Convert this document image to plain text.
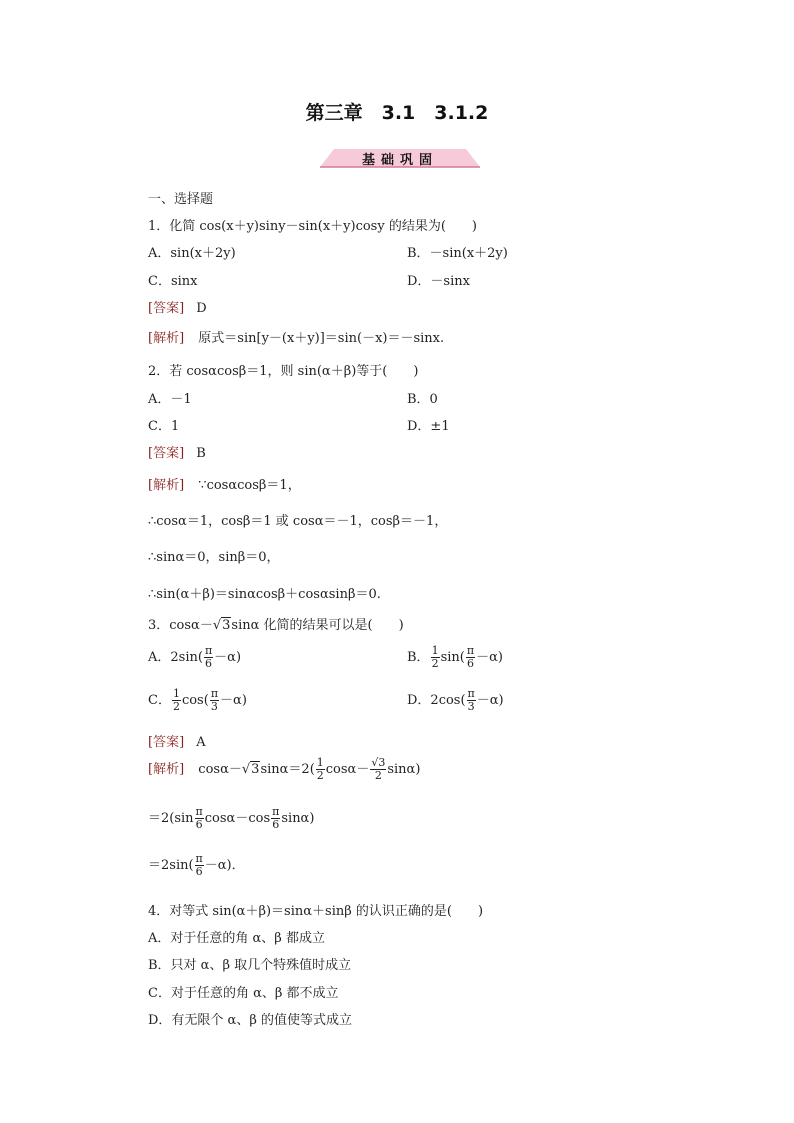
第三章　3.1　3.1.2
基础巩固
一、选择题
1．化简 cos(x＋y)siny－sin(x＋y)cosy 的结果为(　　)
A．sin(x＋2y)	B．－sin(x＋2y)
C．sinx	D．－sinx
[答案] D
[解析] 原式＝sin[y－(x＋y)]＝sin(－x)＝－sinx.
2．若 cosαcosβ＝1，则 sin(α＋β)等于(　　)
A．－1	B．0
C．1	D．±1
[答案] B
[解析] ∵cosαcosβ＝1，
∴cosα＝1，cosβ＝1 或 cosα＝－1，cosβ＝－1，
∴sinα＝0，sinβ＝0，
∴sin(α＋β)＝sinαcosβ＋cosαsinβ＝0.
3．cosα－√3sinα 化简的结果可以是(　　)
A．$2\sin( \frac{\pi}{6} -\alpha)$	B． $\frac{1}{2} \sin( \frac{\pi}{6} -\alpha)$
C． $\frac{1}{2} \cos( \frac{\pi}{3} -\alpha)$	D．$2\cos( \frac{\pi}{3} -\alpha)$
[答案] A
[解析] $\cos\alpha-√3\sin\alpha=2( \frac{1}{2} \cos\alpha- \frac{√3}{2} \sin\alpha)$
$=2(\sin \frac{\pi}{6} \cos\alpha-\cos \frac{\pi}{6} \sin\alpha)$
$=2\sin( \frac{\pi}{6} -\alpha)$．
4．对等式 sin(α＋β)＝sinα＋sinβ 的认识正确的是(　　)
A．对于任意的角 α、β 都成立
B．只对 α、β 取几个特殊值时成立
C．对于任意的角 α、β 都不成立
D．有无限个 α、β 的值使等式成立
